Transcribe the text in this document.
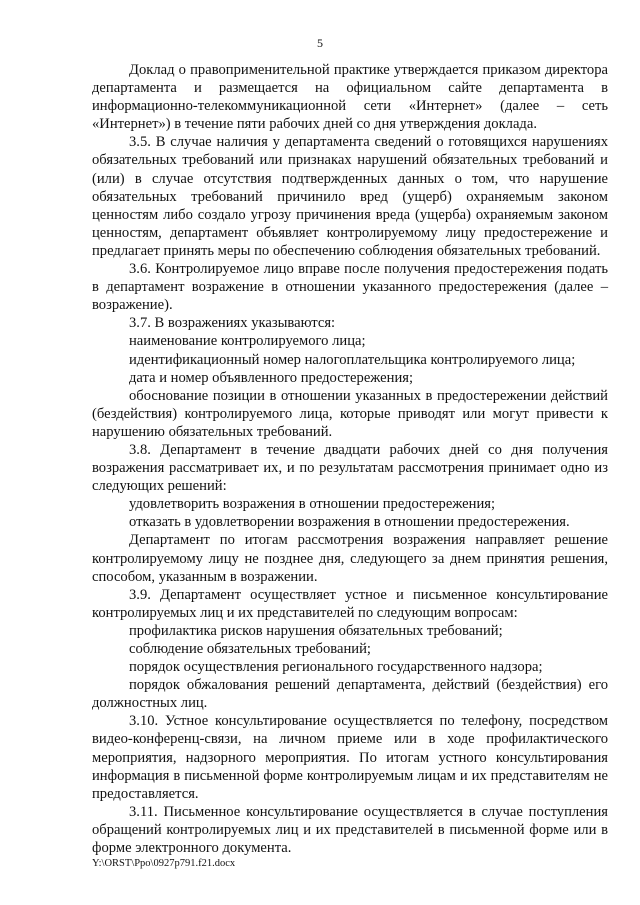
5

Доклад о правоприменительной практике утверждается приказом директора департамента и размещается на официальном сайте департамента в информационно-телекоммуникационной сети «Интернет» (далее – сеть «Интернет») в течение пяти рабочих дней со дня утверждения доклада.

3.5. В случае наличия у департамента сведений о готовящихся нарушениях обязательных требований или признаках нарушений обязательных требований и (или) в случае отсутствия подтвержденных данных о том, что нарушение обязательных требований причинило вред (ущерб) охраняемым законом ценностям либо создало угрозу причинения вреда (ущерба) охраняемым законом ценностям, департамент объявляет контролируемому лицу предостережение и предлагает принять меры по обеспечению соблюдения обязательных требований.

3.6. Контролируемое лицо вправе после получения предостережения подать в департамент возражение в отношении указанного предостережения (далее – возражение).

3.7. В возражениях указываются:

наименование контролируемого лица;

идентификационный номер налогоплательщика контролируемого лица;

дата и номер объявленного предостережения;

обоснование позиции в отношении указанных в предостережении действий (бездействия) контролируемого лица, которые приводят или могут привести к нарушению обязательных требований.

3.8. Департамент в течение двадцати рабочих дней со дня получения возражения рассматривает их, и по результатам рассмотрения принимает одно из следующих решений:

удовлетворить возражения в отношении предостережения;

отказать в удовлетворении возражения в отношении предостережения.

Департамент по итогам рассмотрения возражения направляет решение контролируемому лицу не позднее дня, следующего за днем принятия решения, способом, указанным в возражении.

3.9. Департамент осуществляет устное и письменное консультирование контролируемых лиц и их представителей по следующим вопросам:

профилактика рисков нарушения обязательных требований;

соблюдение обязательных требований;

порядок осуществления регионального государственного надзора;

порядок обжалования решений департамента, действий (бездействия) его должностных лиц.

3.10. Устное консультирование осуществляется по телефону, посредством видео-конференц-связи, на личном приеме или в ходе профилактического мероприятия, надзорного мероприятия. По итогам устного консультирования информация в письменной форме контролируемым лицам и их представителям не предоставляется.

3.11. Письменное консультирование осуществляется в случае поступления обращений контролируемых лиц и их представителей в письменной форме или в форме электронного документа.

Y:\ORST\Ppo\0927p791.f21.docx
